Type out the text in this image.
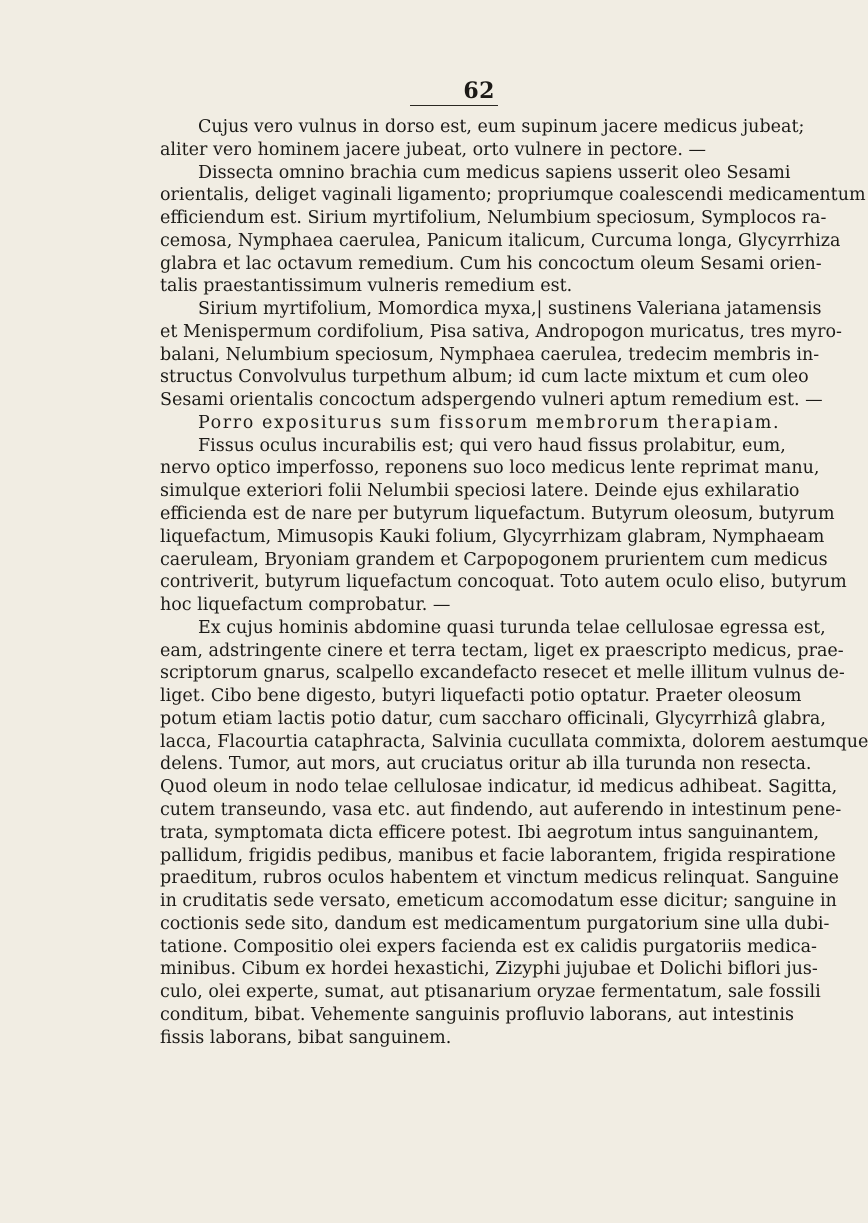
62
Cujus vero vulnus in dorso est, eum supinum jacere medicus jubeat;
aliter vero hominem jacere jubeat, orto vulnere in pectore. —
Dissecta omnino brachia cum medicus sapiens usserit oleo Sesami
orientalis, deliget vaginali ligamento; propriumque coalescendi medicamentum
efficiendum est. Sirium myrtifolium, Nelumbium speciosum, Symplocos ra-
cemosa, Nymphaea caerulea, Panicum italicum, Curcuma longa, Glycyrrhiza
glabra et lac octavum remedium. Cum his concoctum oleum Sesami orien-
talis praestantissimum vulneris remedium est.
Sirium myrtifolium, Momordica myxa,| sustinens Valeriana jatamensis
et Menispermum cordifolium, Pisa sativa, Andropogon muricatus, tres myro-
balani, Nelumbium speciosum, Nymphaea caerulea, tredecim membris in-
structus Convolvulus turpethum album; id cum lacte mixtum et cum oleo
Sesami orientalis concoctum adspergendo vulneri aptum remedium est. —
Porro expositurus sum fissorum membrorum therapiam.
Fissus oculus incurabilis est; qui vero haud fissus prolabitur, eum,
nervo optico imperfosso, reponens suo loco medicus lente reprimat manu,
simulque exteriori folii Nelumbii speciosi latere. Deinde ejus exhilaratio
efficienda est de nare per butyrum liquefactum. Butyrum oleosum, butyrum
liquefactum, Mimusopis Kauki folium, Glycyrrhizam glabram, Nymphaeam
caeruleam, Bryoniam grandem et Carpopogonem prurientem cum medicus
contriverit, butyrum liquefactum concoquat. Toto autem oculo eliso, butyrum
hoc liquefactum comprobatur. —
Ex cujus hominis abdomine quasi turunda telae cellulosae egressa est,
eam, adstringente cinere et terra tectam, liget ex praescripto medicus, prae-
scriptorum gnarus, scalpello excandefacto resecet et melle illitum vulnus de-
liget. Cibo bene digesto, butyri liquefacti potio optatur. Praeter oleosum
potum etiam lactis potio datur, cum saccharo officinali, Glycyrrhizâ glabra,
lacca, Flacourtia cataphracta, Salvinia cucullata commixta, dolorem aestumque
delens. Tumor, aut mors, aut cruciatus oritur ab illa turunda non resecta.
Quod oleum in nodo telae cellulosae indicatur, id medicus adhibeat. Sagitta,
cutem transeundo, vasa etc. aut findendo, aut auferendo in intestinum pene-
trata, symptomata dicta efficere potest. Ibi aegrotum intus sanguinantem,
pallidum, frigidis pedibus, manibus et facie laborantem, frigida respiratione
praeditum, rubros oculos habentem et vinctum medicus relinquat. Sanguine
in cruditatis sede versato, emeticum accomodatum esse dicitur; sanguine in
coctionis sede sito, dandum est medicamentum purgatorium sine ulla dubi-
tatione. Compositio olei expers facienda est ex calidis purgatoriis medica-
minibus. Cibum ex hordei hexastichi, Zizyphi jujubae et Dolichi biflori jus-
culo, olei experte, sumat, aut ptisanarium oryzae fermentatum, sale fossili
conditum, bibat. Vehemente sanguinis profluvio laborans, aut intestinis
fissis laborans, bibat sanguinem.
